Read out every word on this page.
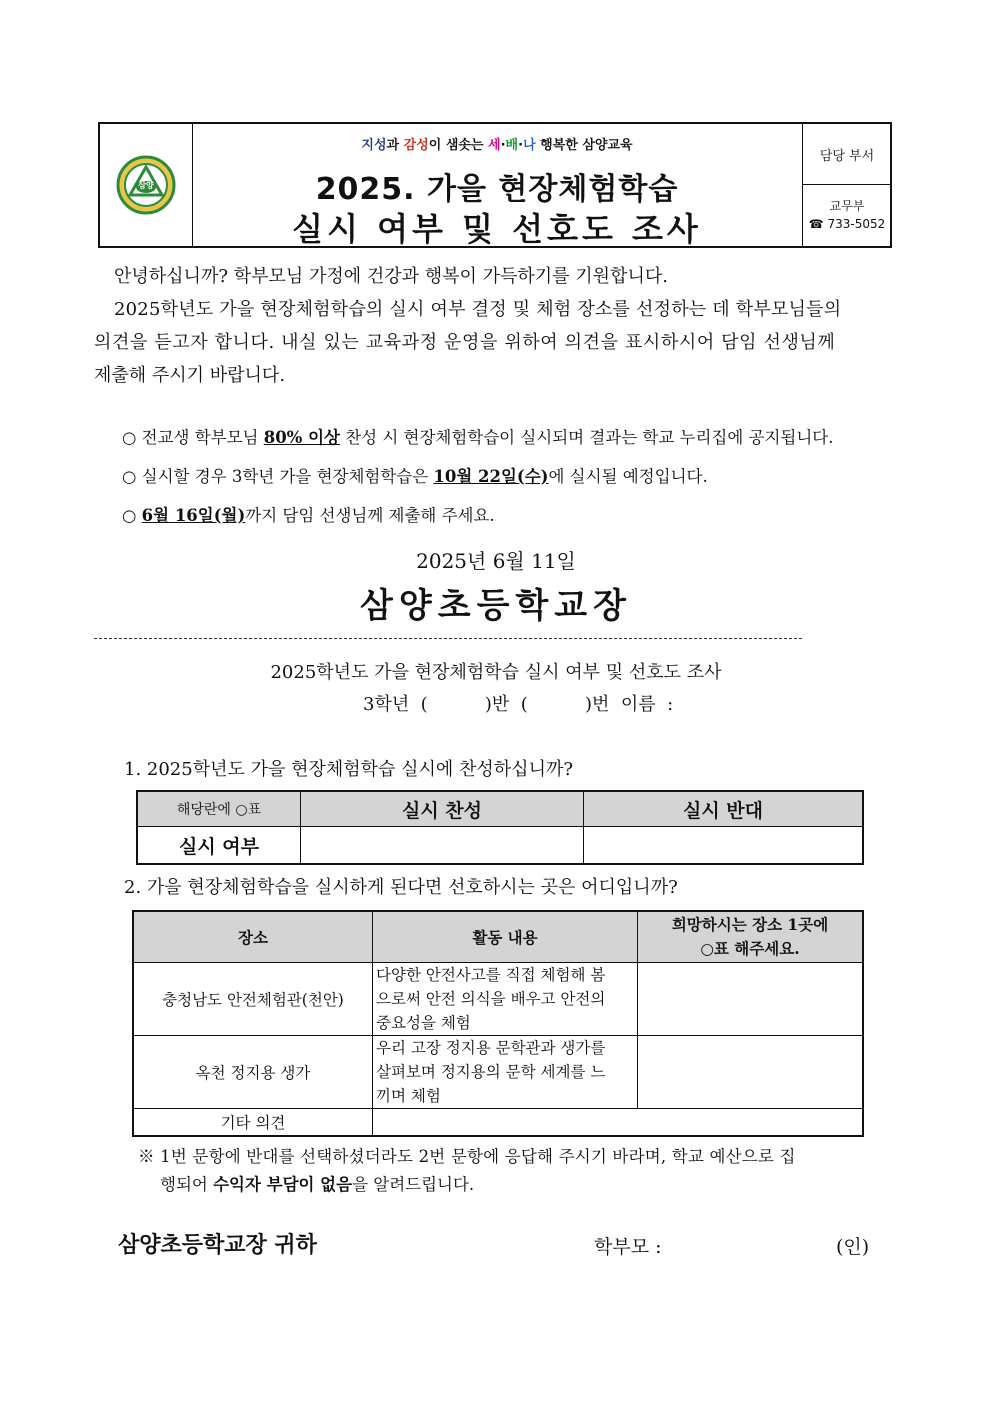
삼양
지성과 감성이 샘솟는 세·배·나 행복한 삼양교육
2025. 가을 현장체험학습
실시 여부 및 선호도 조사
담당 부서
교무부
☎ 733-5052
안녕하십니까? 학부모님 가정에 건강과 행복이 가득하기를 기원합니다.
2025학년도 가을 현장체험학습의 실시 여부 결정 및 체험 장소를 선정하는 데 학부모님들의
의견을 듣고자 합니다. 내실 있는 교육과정 운영을 위하여 의견을 표시하시어 담임 선생님께
제출해 주시기 바랍니다.
○ 전교생 학부모님 80% 이상 찬성 시 현장체험학습이 실시되며 결과는 학교 누리집에 공지됩니다.
○ 실시할 경우 3학년 가을 현장체험학습은 10월 22일(수)에 실시될 예정입니다.
○ 6월 16일(월)까지 담임 선생님께 제출해 주세요.
2025년 6월 11일
삼양초등학교장
2025학년도 가을 현장체험학습 실시 여부 및 선호도 조사
3학년  (          )반  (          )번  이름  :
1. 2025학년도 가을 현장체험학습 실시에 찬성하십니까?
해당란에 ○표	실시 찬성	실시 반대
실시 여부		
2. 가을 현장체험학습을 실시하게 된다면 선호하시는 곳은 어디입니까?
장소	활동 내용	희망하시는 장소 1곳에
○표 해주세요.

충청남도 안전체험관(천안)	다양한 안전사고를 직접 체험해 봄
으로써 안전 의식을 배우고 안전의
중요성을 체험	

옥천 정지용 생가	우리 고장 정지용 문학관과 생가를
살펴보며 정지용의 문학 세계를 느
끼며 체험	

기타 의견		
※ 1번 문항에 반대를 선택하셨더라도 2번 문항에 응답해 주시기 바라며, 학교 예산으로 집
행되어 수익자 부담이 없음을 알려드립니다.
삼양초등학교장 귀하	학부모 :	(인)
